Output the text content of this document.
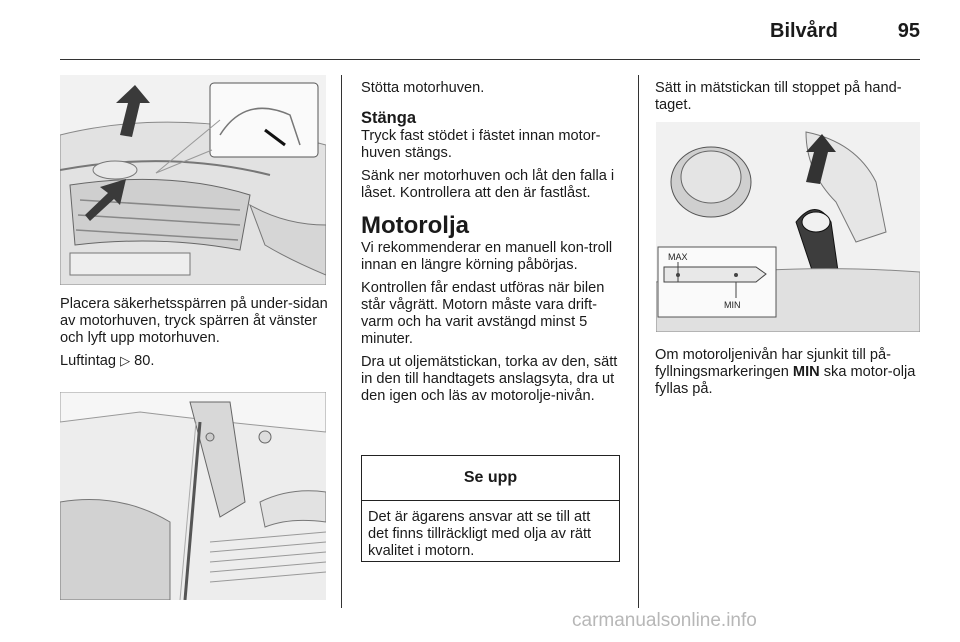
Bilvård	95

Placera säkerhetsspärren på under-sidan av motorhuven, tryck spärren åt vänster och lyft upp motorhuven.

Luftintag ▷ 80.

Stötta motorhuven.

Stänga

Tryck fast stödet i fästet innan motor-huven stängs.

Sänk ner motorhuven och låt den falla i låset. Kontrollera att den är fastlåst.

Motorolja

Vi rekommenderar en manuell kon-troll innan en längre körning påbörjas.

Kontrollen får endast utföras när bilen står vågrätt. Motorn måste vara drift-varm och ha varit avstängd minst 5 minuter.

Dra ut oljemätstickan, torka av den, sätt in den till handtagets anslagsyta, dra ut den igen och läs av motorolje-nivån.

Se upp
Det är ägarens ansvar att se till att det finns tillräckligt med olja av rätt kvalitet i motorn.

Sätt in mätstickan till stoppet på hand-taget.

MAX
MIN

Om motoroljenivån har sjunkit till på-fyllningsmarkeringen MIN ska motor-olja fyllas på.

carmanualsonline.info
